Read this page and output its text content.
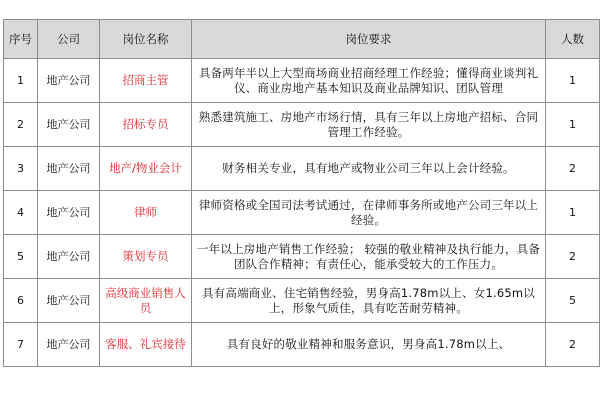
序号	公司	岗位名称	岗位要求	人数
1	地产公司	招商主管	具备两年半以上大型商场商业招商经理工作经验；懂得商业谈判礼仪、商业房地产基本知识及商业品牌知识、团队管理	1
2	地产公司	招标专员	熟悉建筑施工、房地产市场行情，具有三年以上房地产招标、合同管理工作经验。	1
3	地产公司	地产/物业会计	财务相关专业，具有地产或物业公司三年以上会计经验。	2
4	地产公司	律师	律师资格或全国司法考试通过，在律师事务所或地产公司三年以上经验。	1
5	地产公司	策划专员	一年以上房地产销售工作经验； 较强的敬业精神及执行能力，具备团队合作精神；有责任心，能承受较大的工作压力。	2
6	地产公司	高级商业销售人员	具有高端商业、住宅销售经验，男身高1.78m以上、女1.65m以上，形象气质佳，具有吃苦耐劳精神。	5
7	地产公司	客服、礼宾接待	具有良好的敬业精神和服务意识，男身高1.78m以上、	2
